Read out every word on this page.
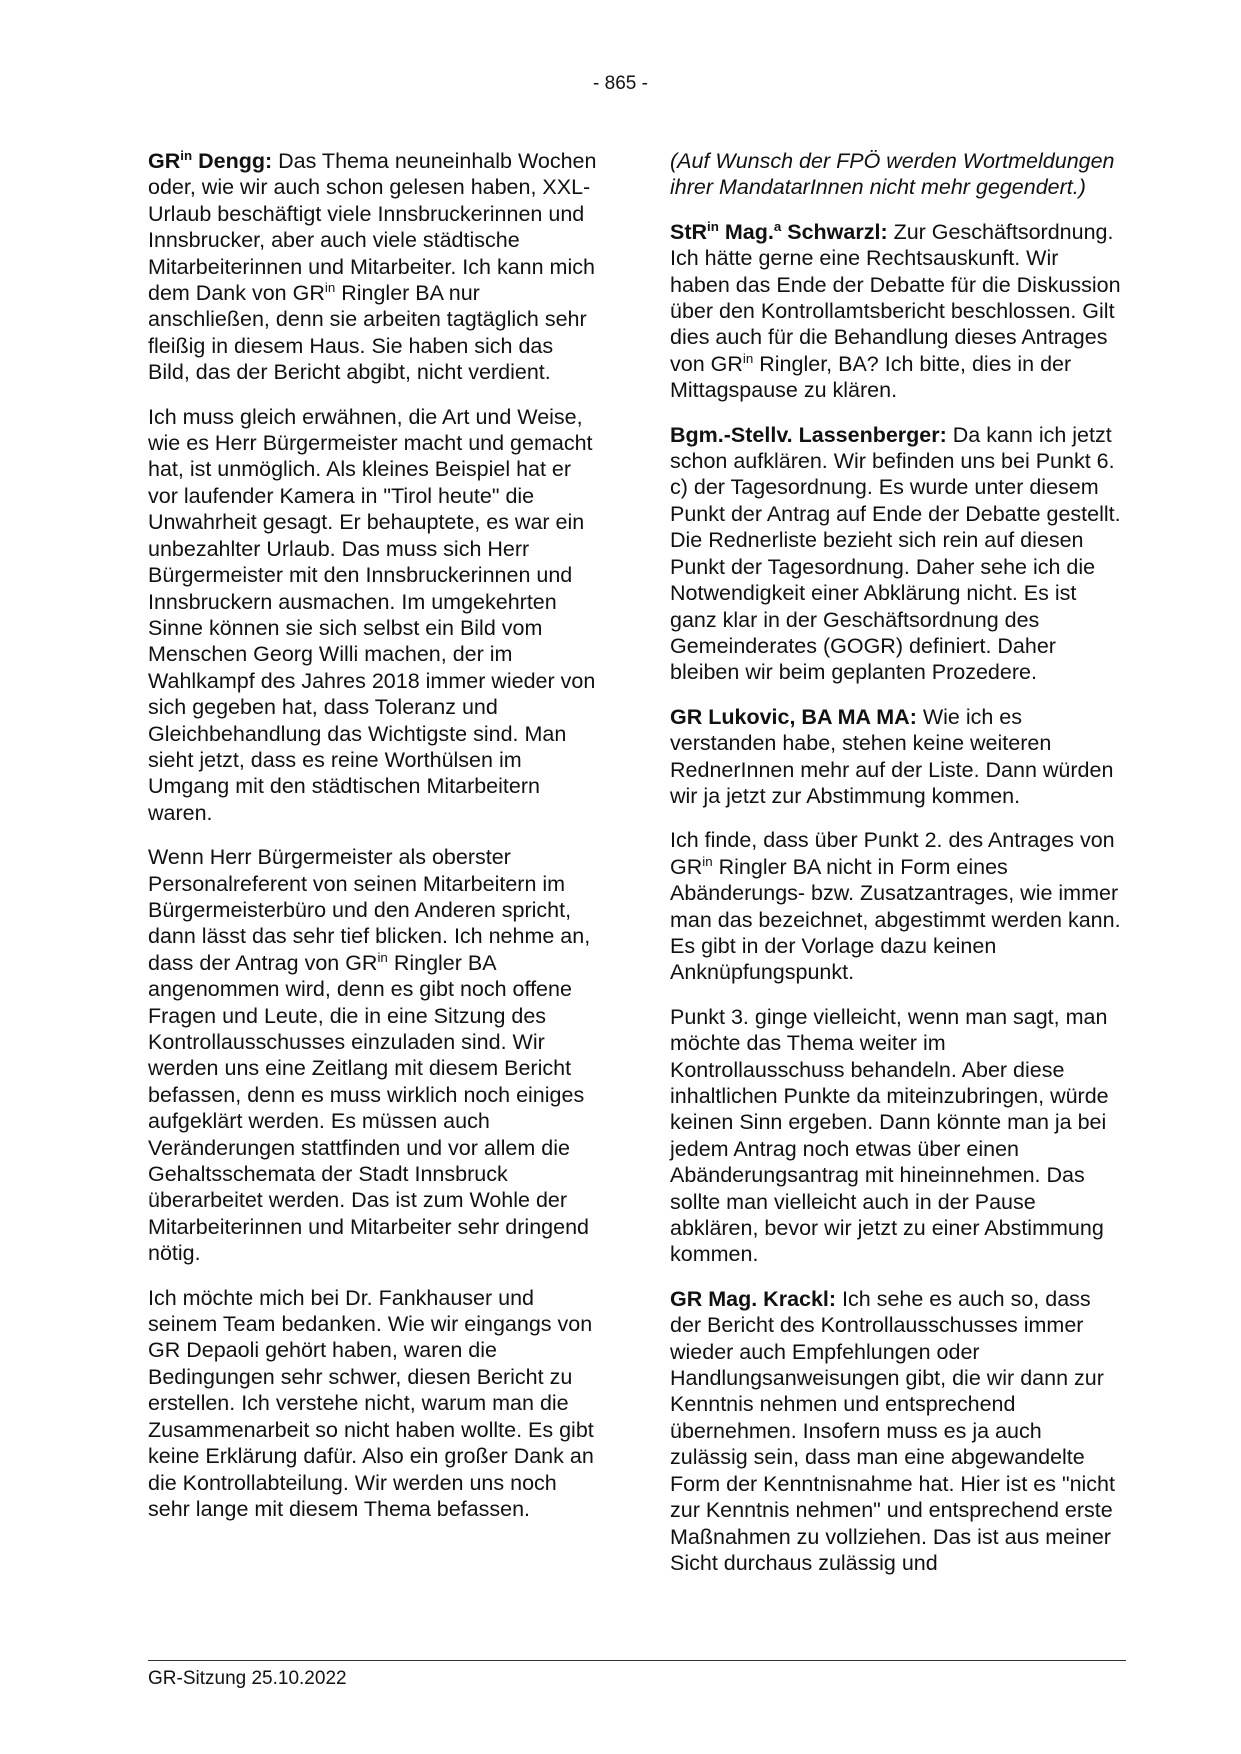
- 865 -

$GR^{in}$ Dengg: Das Thema neuneinhalb Wochen oder, wie wir auch schon gelesen haben, XXL-Urlaub beschäftigt viele Innsbruckerinnen und Innsbrucker, aber auch viele städtische Mitarbeiterinnen und Mitarbeiter. Ich kann mich dem Dank von $GR^{in}$ Ringler BA nur anschließen, denn sie arbeiten tagtäglich sehr fleißig in diesem Haus. Sie haben sich das Bild, das der Bericht abgibt, nicht verdient.

Ich muss gleich erwähnen, die Art und Weise, wie es Herr Bürgermeister macht und gemacht hat, ist unmöglich. Als kleines Beispiel hat er vor laufender Kamera in "Tirol heute" die Unwahrheit gesagt. Er behauptete, es war ein unbezahlter Urlaub. Das muss sich Herr Bürgermeister mit den Innsbruckerinnen und Innsbruckern ausmachen. Im umgekehrten Sinne können sie sich selbst ein Bild vom Menschen Georg Willi machen, der im Wahlkampf des Jahres 2018 immer wieder von sich gegeben hat, dass Toleranz und Gleichbehandlung das Wichtigste sind. Man sieht jetzt, dass es reine Worthülsen im Umgang mit den städtischen Mitarbeitern waren.

Wenn Herr Bürgermeister als oberster Personalreferent von seinen Mitarbeitern im Bürgermeisterbüro und den Anderen spricht, dann lässt das sehr tief blicken. Ich nehme an, dass der Antrag von $GR^{in}$ Ringler BA angenommen wird, denn es gibt noch offene Fragen und Leute, die in eine Sitzung des Kontrollausschusses einzuladen sind. Wir werden uns eine Zeitlang mit diesem Bericht befassen, denn es muss wirklich noch einiges aufgeklärt werden. Es müssen auch Veränderungen stattfinden und vor allem die Gehaltsschemata der Stadt Innsbruck überarbeitet werden. Das ist zum Wohle der Mitarbeiterinnen und Mitarbeiter sehr dringend nötig.

Ich möchte mich bei Dr. Fankhauser und seinem Team bedanken. Wie wir eingangs von GR Depaoli gehört haben, waren die Bedingungen sehr schwer, diesen Bericht zu erstellen. Ich verstehe nicht, warum man die Zusammenarbeit so nicht haben wollte. Es gibt keine Erklärung dafür. Also ein großer Dank an die Kontrollabteilung. Wir werden uns noch sehr lange mit diesem Thema befassen.

(Auf Wunsch der FPÖ werden Wortmeldungen ihrer MandatarInnen nicht mehr gegendert.)

StR$^{in}$ Mag.$^a$ Schwarzl: Zur Geschäftsordnung. Ich hätte gerne eine Rechtsauskunft. Wir haben das Ende der Debatte für die Diskussion über den Kontrollamtsbericht beschlossen. Gilt dies auch für die Behandlung dieses Antrages von $GR^{in}$ Ringler, BA? Ich bitte, dies in der Mittagspause zu klären.

Bgm.-Stellv. Lassenberger: Da kann ich jetzt schon aufklären. Wir befinden uns bei Punkt 6. c) der Tagesordnung. Es wurde unter diesem Punkt der Antrag auf Ende der Debatte gestellt. Die Rednerliste bezieht sich rein auf diesen Punkt der Tagesordnung. Daher sehe ich die Notwendigkeit einer Abklärung nicht. Es ist ganz klar in der Geschäftsordnung des Gemeinderates (GOGR) definiert. Daher bleiben wir beim geplanten Prozedere.

GR Lukovic, BA MA MA: Wie ich es verstanden habe, stehen keine weiteren RednerInnen mehr auf der Liste. Dann würden wir ja jetzt zur Abstimmung kommen.

Ich finde, dass über Punkt 2. des Antrages von $GR^{in}$ Ringler BA nicht in Form eines Abänderungs- bzw. Zusatzantrages, wie immer man das bezeichnet, abgestimmt werden kann. Es gibt in der Vorlage dazu keinen Anknüpfungspunkt.

Punkt 3. ginge vielleicht, wenn man sagt, man möchte das Thema weiter im Kontrollausschuss behandeln. Aber diese inhaltlichen Punkte da miteinzubringen, würde keinen Sinn ergeben. Dann könnte man ja bei jedem Antrag noch etwas über einen Abänderungsantrag mit hineinnehmen. Das sollte man vielleicht auch in der Pause abklären, bevor wir jetzt zu einer Abstimmung kommen.

GR Mag. Krackl: Ich sehe es auch so, dass der Bericht des Kontrollausschusses immer wieder auch Empfehlungen oder Handlungsanweisungen gibt, die wir dann zur Kenntnis nehmen und entsprechend übernehmen. Insofern muss es ja auch zulässig sein, dass man eine abgewandelte Form der Kenntnisnahme hat. Hier ist es "nicht zur Kenntnis nehmen" und entsprechend erste Maßnahmen zu vollziehen. Das ist aus meiner Sicht durchaus zulässig und

GR-Sitzung 25.10.2022
